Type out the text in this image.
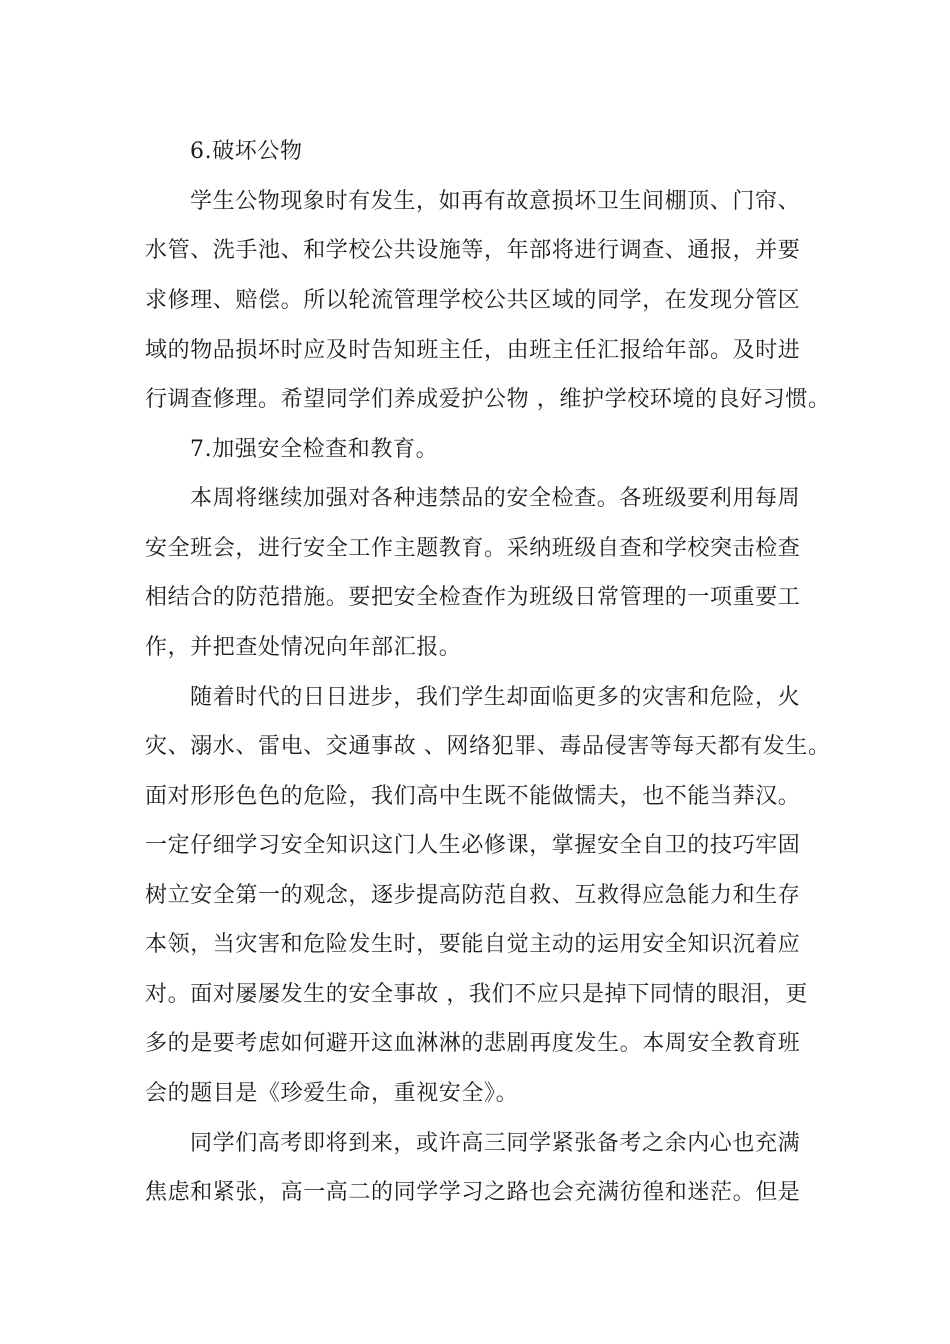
6.破坏公物
学生公物现象时有发生，如再有故意损坏卫生间棚顶、门帘、
水管、洗手池、和学校公共设施等，年部将进行调查、通报，并要
求修理、赔偿。所以轮流管理学校公共区域的同学，在发现分管区
域的物品损坏时应及时告知班主任，由班主任汇报给年部。及时进
行调查修理。希望同学们养成爱护公物 ，维护学校环境的良好习惯。
7.加强安全检查和教育。
本周将继续加强对各种违禁品的安全检查。各班级要利用每周
安全班会，进行安全工作主题教育。采纳班级自查和学校突击检查
相结合的防范措施。要把安全检查作为班级日常管理的一项重要工
作，并把查处情况向年部汇报。
随着时代的日日进步，我们学生却面临更多的灾害和危险，火
灾、溺水、雷电、交通事故 、网络犯罪、毒品侵害等每天都有发生。
面对形形色色的危险，我们高中生既不能做懦夫，也不能当莽汉。
一定仔细学习安全知识这门人生必修课，掌握安全自卫的技巧牢固
树立安全第一的观念，逐步提高防范自救、互救得应急能力和生存
本领，当灾害和危险发生时，要能自觉主动的运用安全知识沉着应
对。面对屡屡发生的安全事故 ，我们不应只是掉下同情的眼泪，更
多的是要考虑如何避开这血淋淋的悲剧再度发生。本周安全教育班
会的题目是《珍爱生命，重视安全》。
同学们高考即将到来，或许高三同学紧张备考之余内心也充满
焦虑和紧张，高一高二的同学学习之路也会充满彷徨和迷茫。但是
